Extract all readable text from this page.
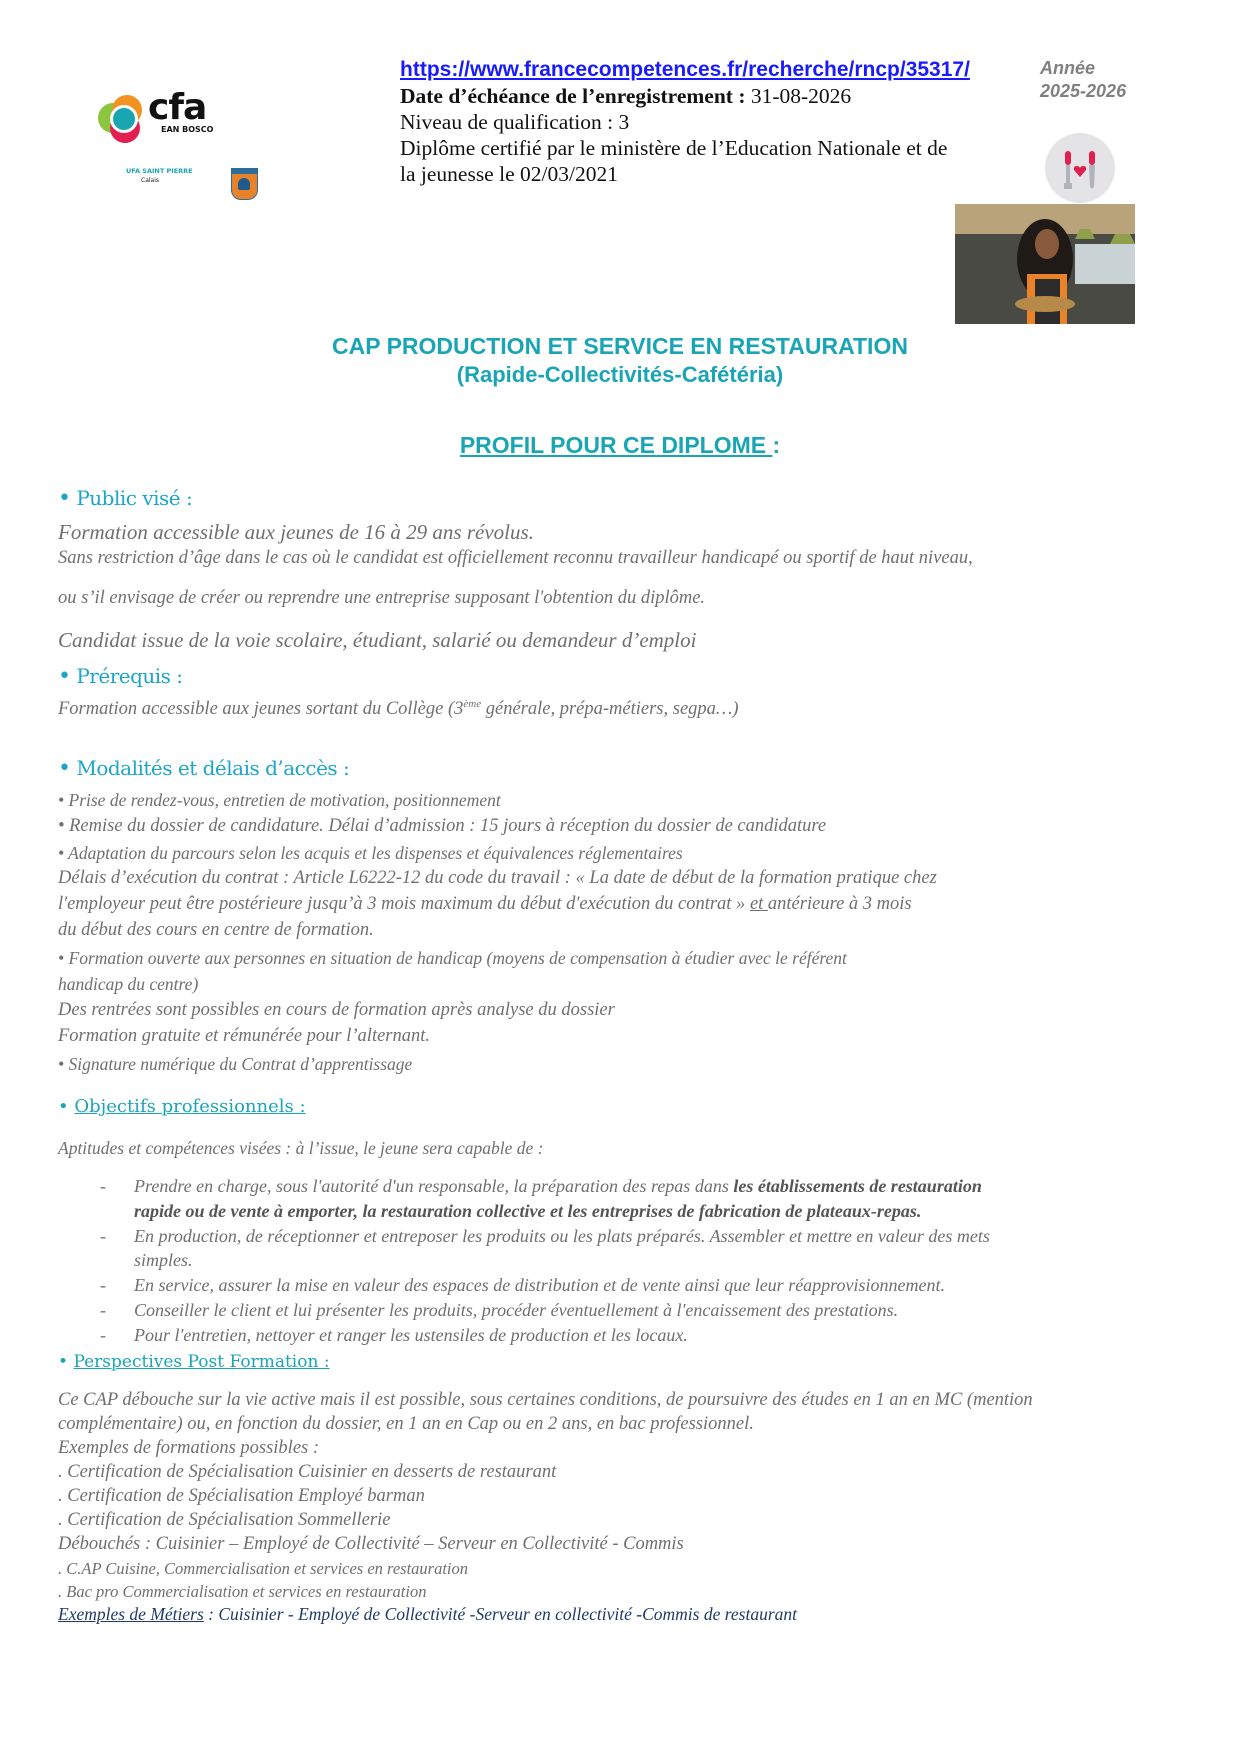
cfa
EAN BOSCO
UFA SAINT PIERRE
Calais
https://www.francecompetences.fr/recherche/rncp/35317/
Date d’échéance de l’enregistrement : 31-08-2026
Niveau de qualification : 3
Diplôme certifié par le ministère de l’Education Nationale et de
la jeunesse le 02/03/2021
Année
2025-2026
CAP PRODUCTION ET SERVICE EN RESTAURATION
(Rapide-Collectivités-Cafétéria)
PROFIL POUR CE DIPLOME :
• Public visé :
Formation accessible aux jeunes de 16 à 29 ans révolus.
Sans restriction d’âge dans le cas où le candidat est officiellement reconnu travailleur handicapé ou sportif de haut niveau,
ou s’il envisage de créer ou reprendre une entreprise supposant l'obtention du diplôme.
Candidat issue de la voie scolaire, étudiant, salarié ou demandeur d’emploi
• Prérequis :
Formation accessible aux jeunes sortant du Collège (3ème générale, prépa-métiers, segpa…)
• Modalités et délais d’accès :
• Prise de rendez-vous, entretien de motivation, positionnement
• Remise du dossier de candidature. Délai d’admission : 15 jours à réception du dossier de candidature
• Adaptation du parcours selon les acquis et les dispenses et équivalences réglementaires
Délais d’exécution du contrat : Article L6222-12 du code du travail : « La date de début de la formation pratique chez
l'employeur peut être postérieure jusqu’à 3 mois maximum du début d'exécution du contrat » et antérieure à 3 mois
du début des cours en centre de formation.
• Formation ouverte aux personnes en situation de handicap (moyens de compensation à étudier avec le référent
handicap du centre)
Des rentrées sont possibles en cours de formation après analyse du dossier
Formation gratuite et rémunérée pour l’alternant.
• Signature numérique du Contrat d’apprentissage
• Objectifs professionnels :
Aptitudes et compétences visées : à l’issue, le jeune sera capable de :
- Prendre en charge, sous l'autorité d'un responsable, la préparation des repas dans les établissements de restauration
rapide ou de vente à emporter, la restauration collective et les entreprises de fabrication de plateaux-repas.
- En production, de réceptionner et entreposer les produits ou les plats préparés. Assembler et mettre en valeur des mets
simples.
- En service, assurer la mise en valeur des espaces de distribution et de vente ainsi que leur réapprovisionnement.
- Conseiller le client et lui présenter les produits, procéder éventuellement à l'encaissement des prestations.
- Pour l'entretien, nettoyer et ranger les ustensiles de production et les locaux.
• Perspectives Post Formation :
Ce CAP débouche sur la vie active mais il est possible, sous certaines conditions, de poursuivre des études en 1 an en MC (mention
complémentaire) ou, en fonction du dossier, en 1 an en Cap ou en 2 ans, en bac professionnel.
Exemples de formations possibles :
. Certification de Spécialisation Cuisinier en desserts de restaurant
. Certification de Spécialisation Employé barman
. Certification de Spécialisation Sommellerie
Débouchés : Cuisinier – Employé de Collectivité – Serveur en Collectivité - Commis
. C.AP Cuisine, Commercialisation et services en restauration
. Bac pro Commercialisation et services en restauration
Exemples de Métiers : Cuisinier - Employé de Collectivité -Serveur en collectivité -Commis de restaurant
